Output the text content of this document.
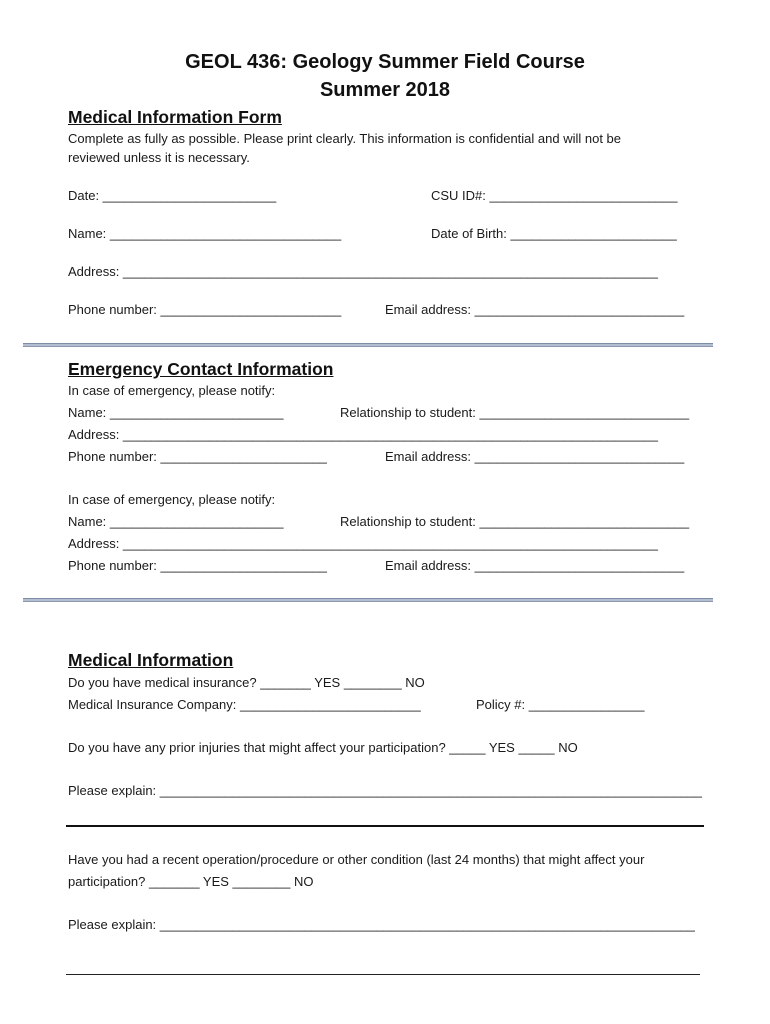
GEOL 436: Geology Summer Field Course
Summer 2018
Medical Information Form
Complete as fully as possible. Please print clearly. This information is confidential and will not be
reviewed unless it is necessary.
Date: ________________________	CSU ID#: __________________________
Name: ________________________________	Date of Birth: _______________________
Address: __________________________________________________________________________
Phone number: _________________________	Email address: _____________________________
Emergency Contact Information
In case of emergency, please notify:
Name: ________________________	Relationship to student: _____________________________
Address: __________________________________________________________________________
Phone number: _______________________	Email address: _____________________________
In case of emergency, please notify:
Name: ________________________	Relationship to student: _____________________________
Address: __________________________________________________________________________
Phone number: _______________________	Email address: _____________________________
Medical Information
Do you have medical insurance? _______ YES ________ NO
Medical Insurance Company: _________________________	Policy #: ________________
Do you have any prior injuries that might affect your participation? _____ YES _____ NO
Please explain: ___________________________________________________________________________
Have you had a recent operation/procedure or other condition (last 24 months) that might affect your
participation? _______ YES ________ NO
Please explain: __________________________________________________________________________
